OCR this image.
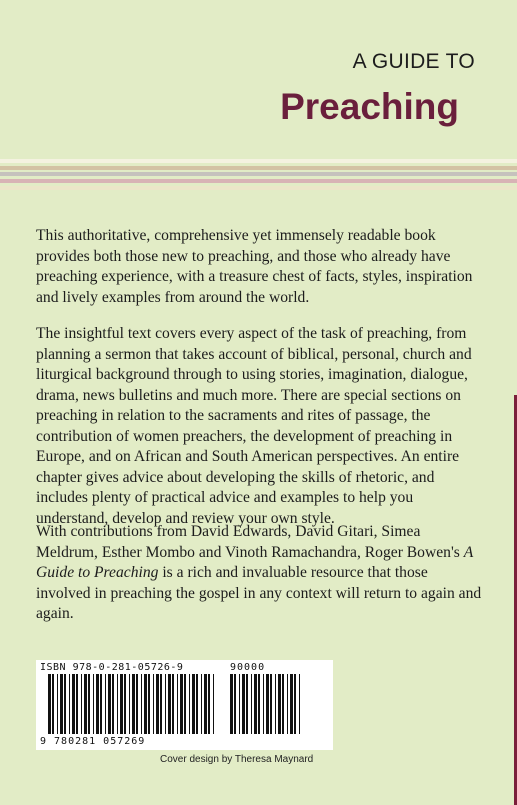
A GUIDE TO
Preaching

This authoritative, comprehensive yet immensely readable book provides both those new to preaching, and those who already have preaching experience, with a treasure chest of facts, styles, inspiration and lively examples from around the world.

The insightful text covers every aspect of the task of preaching, from planning a sermon that takes account of biblical, personal, church and liturgical background through to using stories, imagination, dialogue, drama, news bulletins and much more. There are special sections on preaching in relation to the sacraments and rites of passage, the contribution of women preachers, the development of preaching in Europe, and on African and South American perspectives. An entire chapter gives advice about developing the skills of rhetoric, and includes plenty of practical advice and examples to help you understand, develop and review your own style.

With contributions from David Edwards, David Gitari, Simea Meldrum, Esther Mombo and Vinoth Ramachandra, Roger Bowen's A Guide to Preaching is a rich and invaluable resource that those involved in preaching the gospel in any context will return to again and again.

ISBN 978-0-281-05726-9	90000
9 780281 057269
Cover design by Theresa Maynard
